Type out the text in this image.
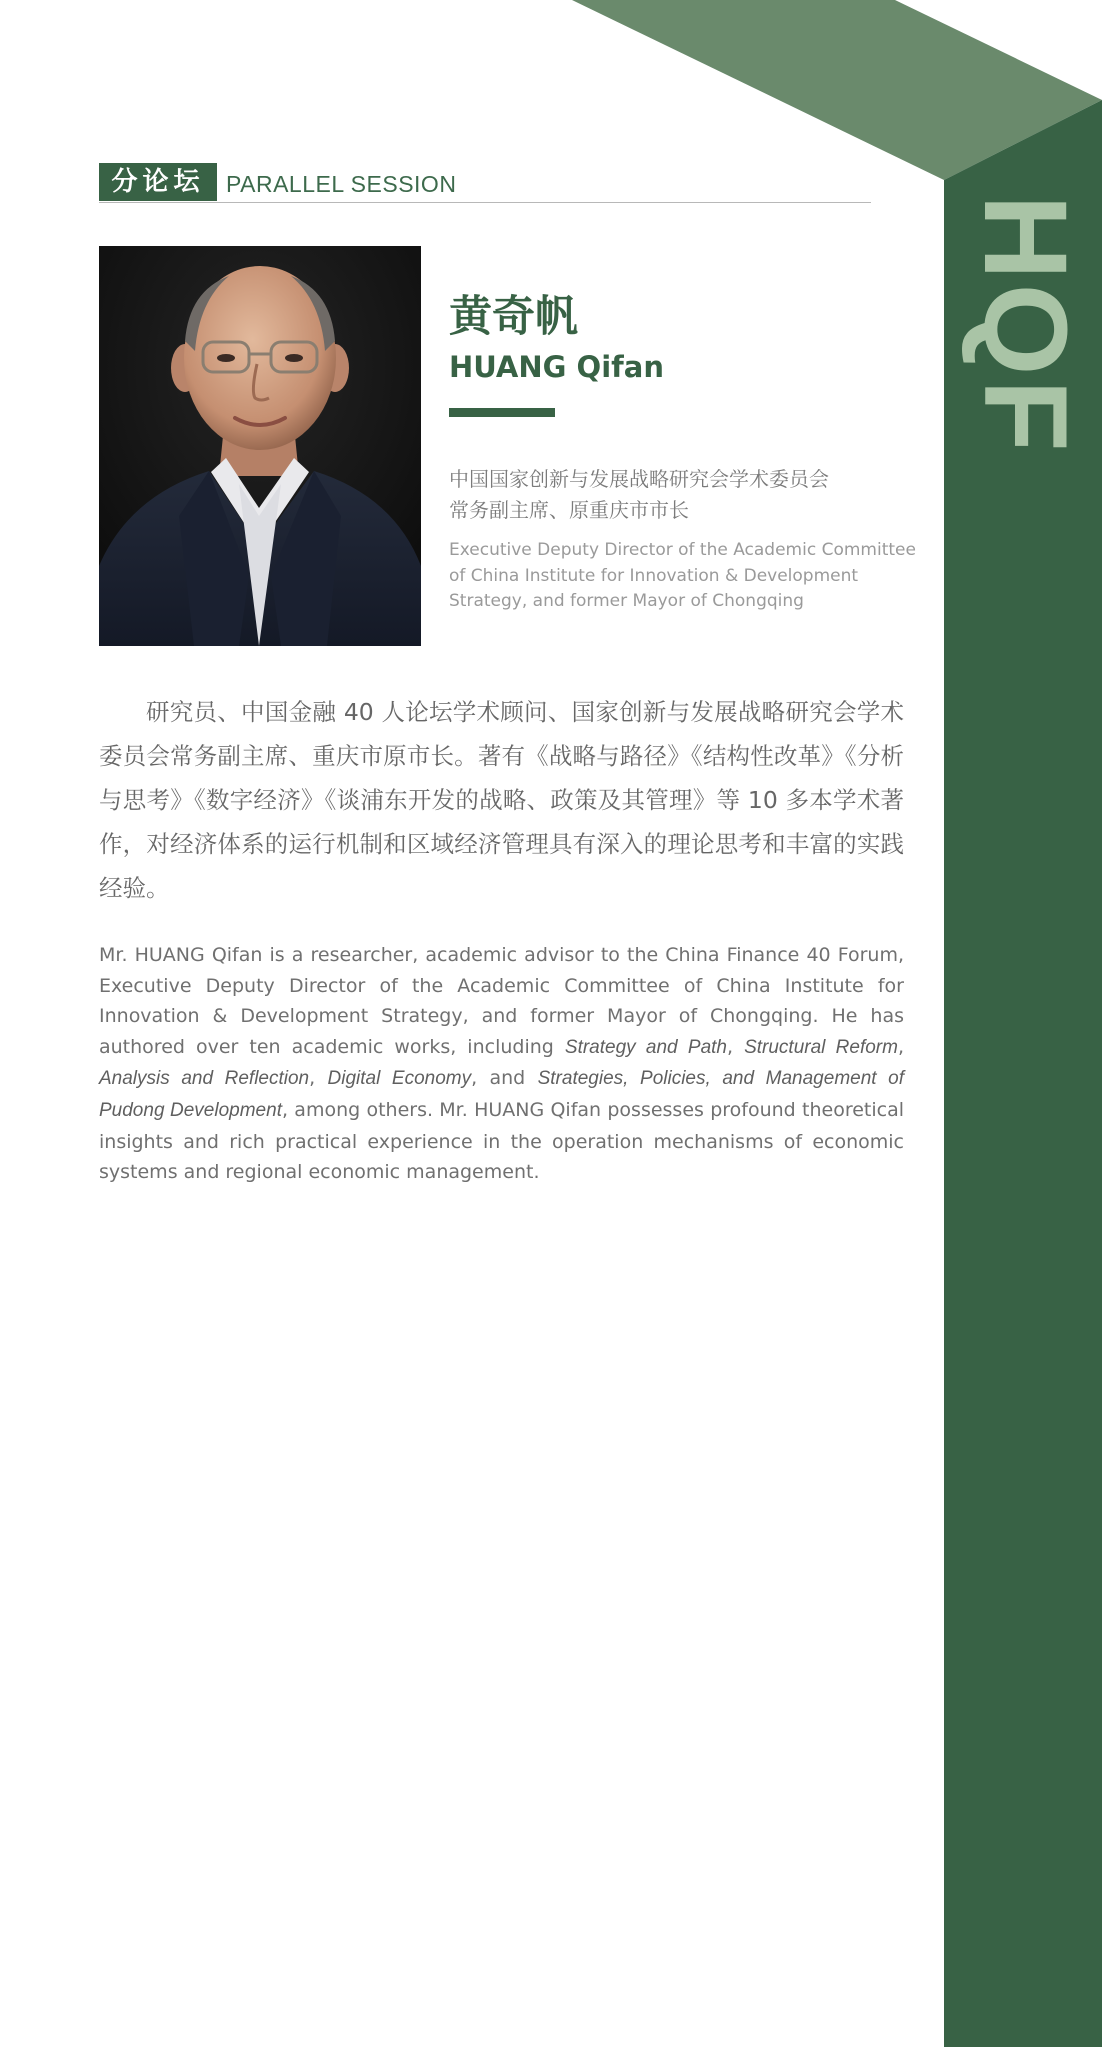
HQF
分论坛 PARALLEL SESSION
黄奇帆
HUANG Qifan
中国国家创新与发展战略研究会学术委员会
常务副主席、原重庆市市长
Executive Deputy Director of the Academic Committee
of China Institute for Innovation & Development
Strategy, and former Mayor of Chongqing

研究员、中国金融 40 人论坛学术顾问、国家创新与发展战略研究会学术委员会常务副主席、重庆市原市长。著有《战略与路径》《结构性改革》《分析与思考》《数字经济》《谈浦东开发的战略、政策及其管理》等 10 多本学术著作，对经济体系的运行机制和区域经济管理具有深入的理论思考和丰富的实践经验。

Mr. HUANG Qifan is a researcher, academic advisor to the China Finance 40 Forum, Executive Deputy Director of the Academic Committee of China Institute for Innovation & Development Strategy, and former Mayor of Chongqing. He has authored over ten academic works, including Strategy and Path, Structural Reform, Analysis and Reflection, Digital Economy, and Strategies, Policies, and Management of Pudong Development, among others. Mr. HUANG Qifan possesses profound theoretical insights and rich practical experience in the operation mechanisms of economic systems and regional economic management.
